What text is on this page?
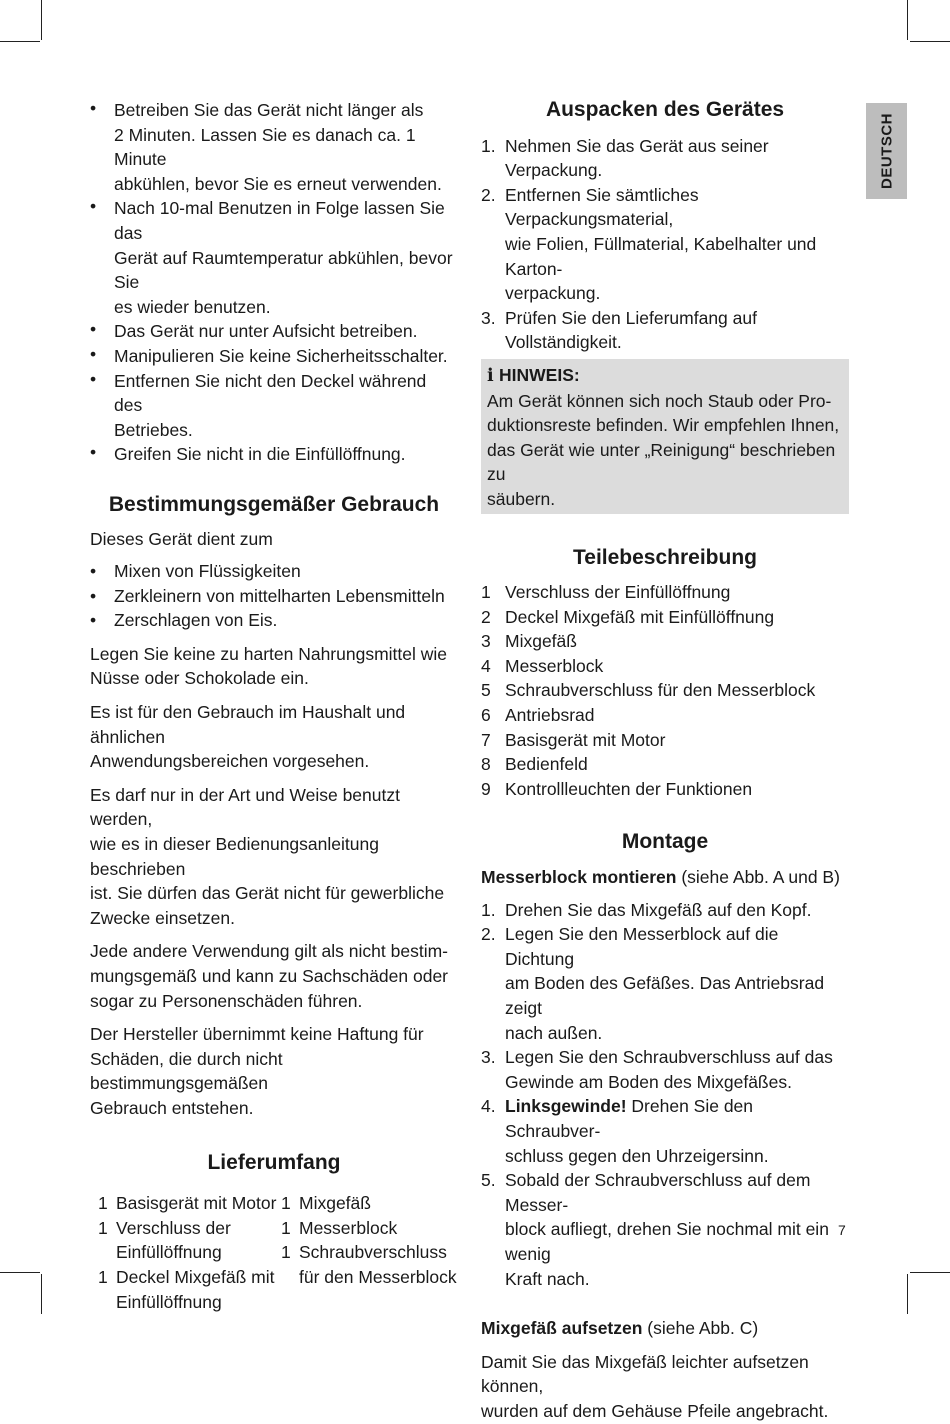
DEUTSCH
• Betreiben Sie das Gerät nicht länger als
2 Minuten. Lassen Sie es danach ca. 1 Minute
abkühlen, bevor Sie es erneut verwenden.
• Nach 10-mal Benutzen in Folge lassen Sie das
Gerät auf Raumtemperatur abkühlen, bevor Sie
es wieder benutzen.
• Das Gerät nur unter Aufsicht betreiben.
• Manipulieren Sie keine Sicherheitsschalter.
• Entfernen Sie nicht den Deckel während des
Betriebes.
• Greifen Sie nicht in die Einfüllöffnung.
Bestimmungsgemäßer Gebrauch
Dieses Gerät dient zum
• Mixen von Flüssigkeiten
• Zerkleinern von mittelharten Lebensmitteln
• Zerschlagen von Eis.
Legen Sie keine zu harten Nahrungsmittel wie
Nüsse oder Schokolade ein.
Es ist für den Gebrauch im Haushalt und ähnlichen
Anwendungsbereichen vorgesehen.
Es darf nur in der Art und Weise benutzt werden,
wie es in dieser Bedienungsanleitung beschrieben
ist. Sie dürfen das Gerät nicht für gewerbliche
Zwecke einsetzen.
Jede andere Verwendung gilt als nicht bestim-
mungsgemäß und kann zu Sachschäden oder
sogar zu Personenschäden führen.
Der Hersteller übernimmt keine Haftung für
Schäden, die durch nicht bestimmungsgemäßen
Gebrauch entstehen.
Lieferumfang
1 Basisgerät mit Motor
1 Verschluss der
Einfüllöffnung
1 Deckel Mixgefäß mit
Einfüllöffnung
1 Mixgefäß
1 Messerblock
1 Schraubverschluss
für den Messerblock
Auspacken des Gerätes
1. Nehmen Sie das Gerät aus seiner Verpackung.
2. Entfernen Sie sämtliches Verpackungsmaterial,
wie Folien, Füllmaterial, Kabelhalter und Karton-
verpackung.
3. Prüfen Sie den Lieferumfang auf Vollständigkeit.
i HINWEIS:
Am Gerät können sich noch Staub oder Pro-
duktionsreste befinden. Wir empfehlen Ihnen,
das Gerät wie unter „Reinigung“ beschrieben zu
säubern.
Teilebeschreibung
1 Verschluss der Einfüllöffnung
2 Deckel Mixgefäß mit Einfüllöffnung
3 Mixgefäß
4 Messerblock
5 Schraubverschluss für den Messerblock
6 Antriebsrad
7 Basisgerät mit Motor
8 Bedienfeld
9 Kontrollleuchten der Funktionen
Montage
Messerblock montieren (siehe Abb. A und B)
1. Drehen Sie das Mixgefäß auf den Kopf.
2. Legen Sie den Messerblock auf die Dichtung
am Boden des Gefäßes. Das Antriebsrad zeigt
nach außen.
3. Legen Sie den Schraubverschluss auf das
Gewinde am Boden des Mixgefäßes.
4. Linksgewinde! Drehen Sie den Schraubver-
schluss gegen den Uhrzeigersinn.
5. Sobald der Schraubverschluss auf dem Messer-
block aufliegt, drehen Sie nochmal mit ein wenig
Kraft nach.
Mixgefäß aufsetzen (siehe Abb. C)
Damit Sie das Mixgefäß leichter aufsetzen können,
wurden auf dem Gehäuse Pfeile angebracht.
7
